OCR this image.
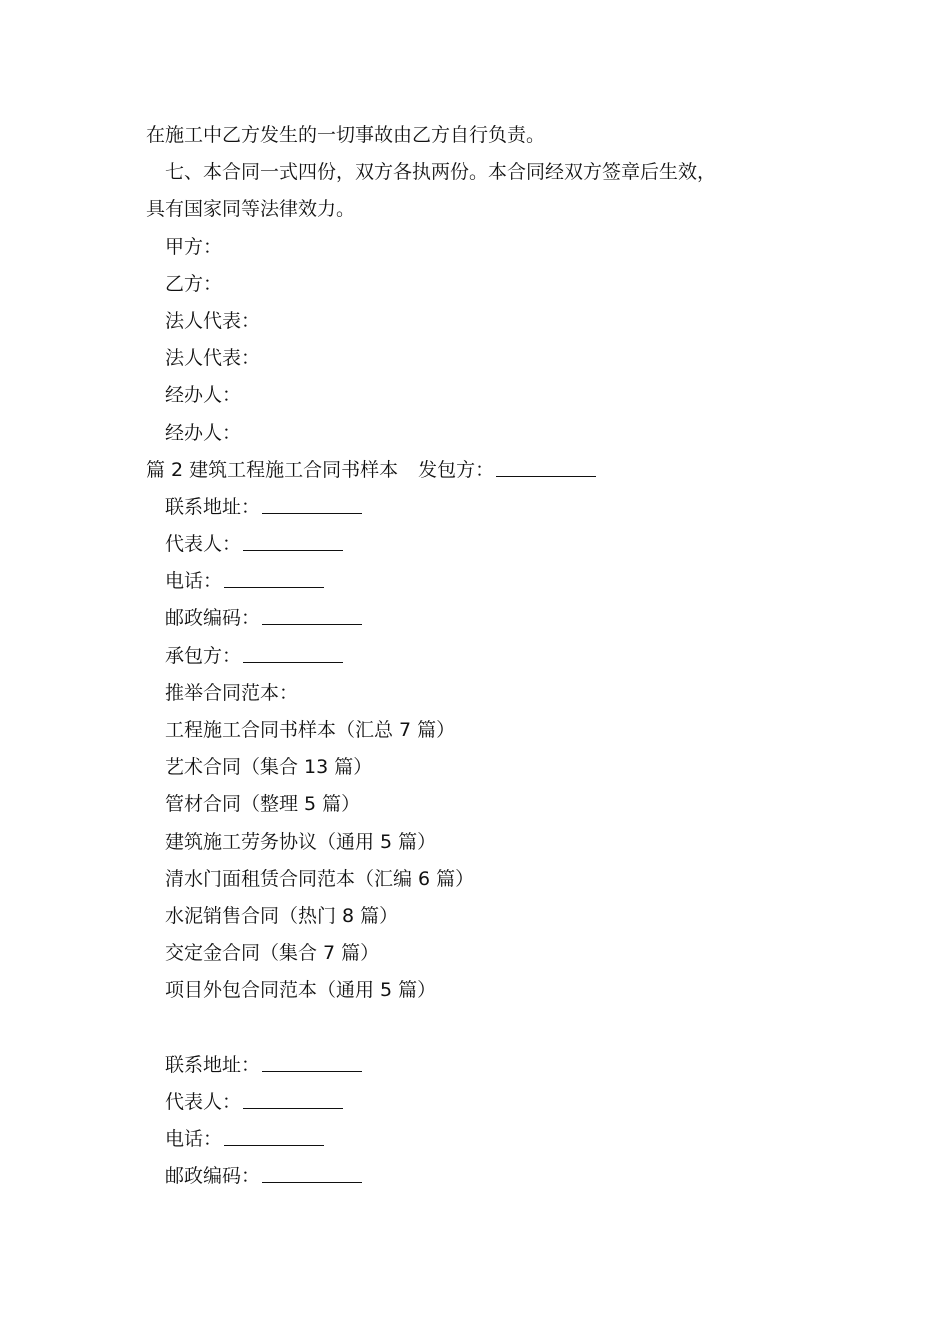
在施工中乙方发生的一切事故由乙方自行负责。
七、本合同一式四份，双方各执两份。本合同经双方签章后生效，
具有国家同等法律效力。
甲方：
乙方：
法人代表：
法人代表：
经办人：
经办人：
篇 2 建筑工程施工合同书样本 发包方：
联系地址：
代表人：
电话：
邮政编码：
承包方：
推举合同范本：
工程施工合同书样本（汇总 7 篇）
艺术合同（集合 13 篇）
管材合同（整理 5 篇）
建筑施工劳务协议（通用 5 篇）
清水门面租赁合同范本（汇编 6 篇）
水泥销售合同（热门 8 篇）
交定金合同（集合 7 篇）
项目外包合同范本（通用 5 篇）
联系地址：
代表人：
电话：
邮政编码：
